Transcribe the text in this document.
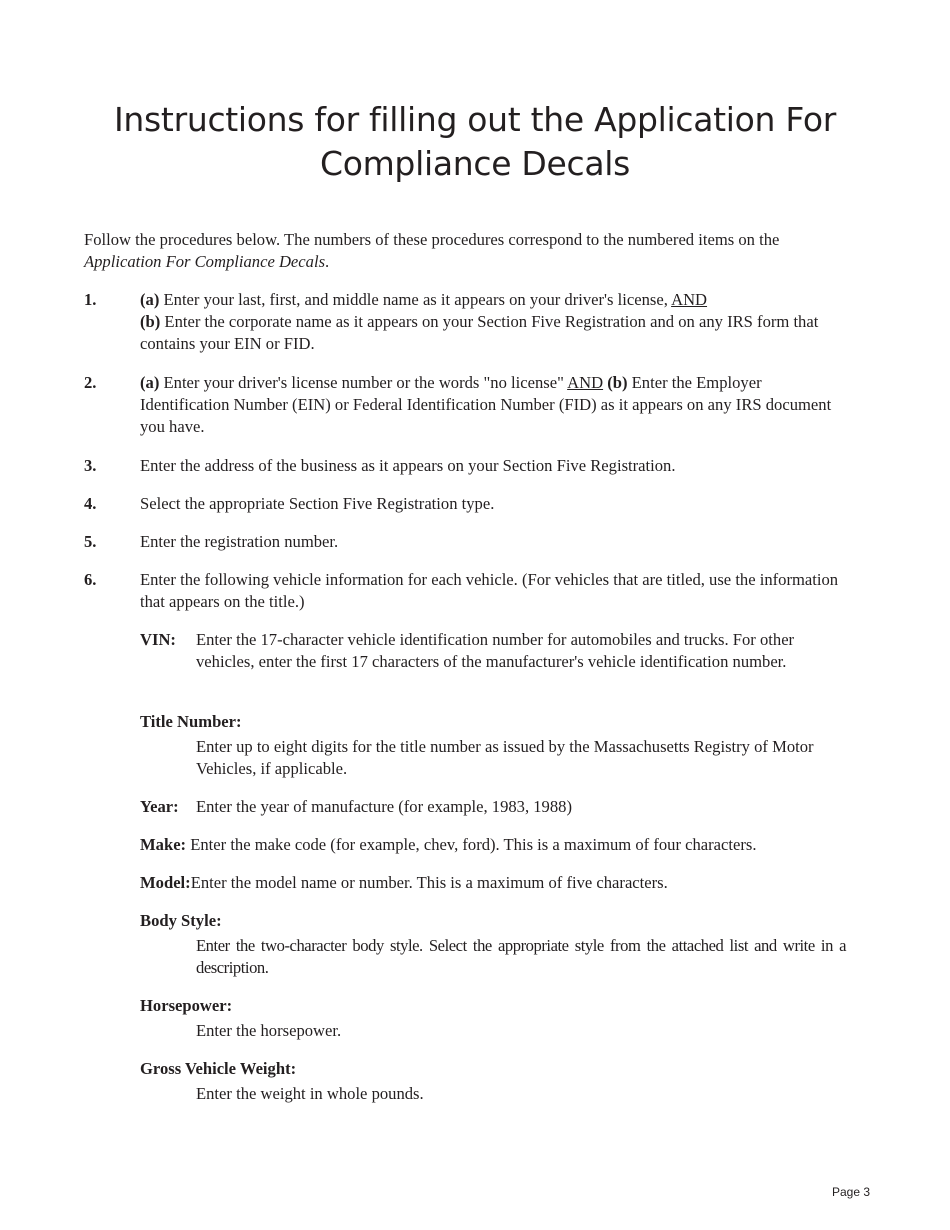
Instructions for filling out the Application For
Compliance Decals

Follow the procedures below. The numbers of these procedures correspond to the numbered items on the Application For Compliance Decals.

1.	(a) Enter your last, first, and middle name as it appears on your driver's license, AND
(b) Enter the corporate name as it appears on your Section Five Registration and on any IRS form that contains your EIN or FID.
2.	(a) Enter your driver's license number or the words "no license" AND (b) Enter the Employer Identification Number (EIN) or Federal Identification Number (FID) as it appears on any IRS document you have.
3.	Enter the address of the business as it appears on your Section Five Registration.
4.	Select the appropriate Section Five Registration type.
5.	Enter the registration number.
6.	Enter the following vehicle information for each vehicle. (For vehicles that are titled, use the information that appears on the title.)
VIN: Enter the 17-character vehicle identification number for automobiles and trucks. For other vehicles, enter the first 17 characters of the manufacturer's vehicle identification number.
Title Number:
Enter up to eight digits for the title number as issued by the Massachusetts Registry of Motor Vehicles, if applicable.
Year: Enter the year of manufacture (for example, 1983, 1988)
Make: Enter the make code (for example, chev, ford). This is a maximum of four characters.
Model:Enter the model name or number. This is a maximum of five characters.
Body Style:
Enter the two-character body style. Select the appropriate style from the attached list and write in a description.
Horsepower:
Enter the horsepower.
Gross Vehicle Weight:
Enter the weight in whole pounds.
Page 3
